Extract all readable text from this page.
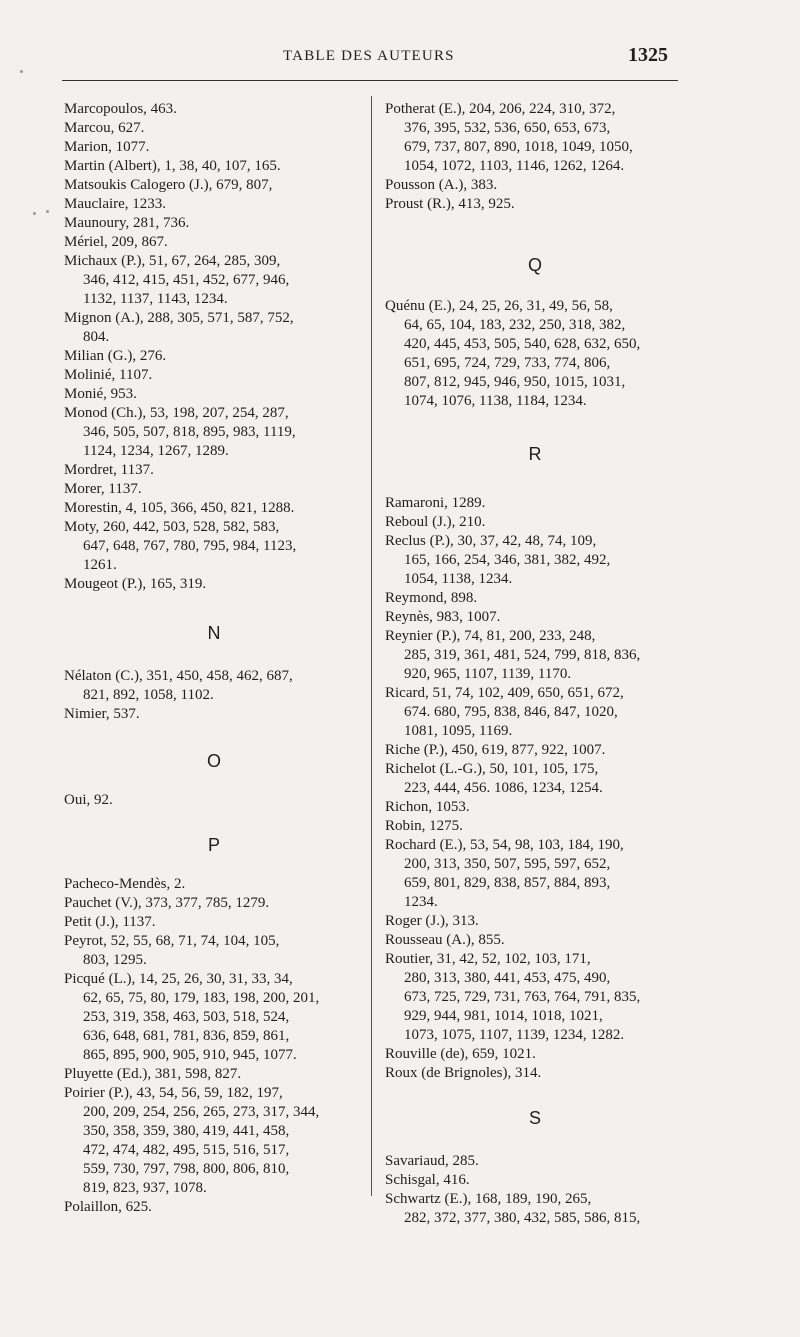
TABLE DES AUTEURS	1325

Marcopoulos, 463.

Marcou, 627.

Marion, 1077.

Martin (Albert), 1, 38, 40, 107, 165.

Matsoukis Calogero (J.), 679, 807,

Mauclaire, 1233.

Maunoury, 281, 736.

Mériel, 209, 867.

Michaux (P.), 51, 67, 264, 285, 309,
346, 412, 415, 451, 452, 677, 946,
1132, 1137, 1143, 1234.

Mignon (A.), 288, 305, 571, 587, 752,
804.

Milian (G.), 276.

Molinié, 1107.

Monié, 953.

Monod (Ch.), 53, 198, 207, 254, 287,
346, 505, 507, 818, 895, 983, 1119,
1124, 1234, 1267, 1289.

Mordret, 1137.

Morer, 1137.

Morestin, 4, 105, 366, 450, 821, 1288.

Moty, 260, 442, 503, 528, 582, 583,
647, 648, 767, 780, 795, 984, 1123,
1261.

Mougeot (P.), 165, 319.

N

Nélaton (C.), 351, 450, 458, 462, 687,
821, 892, 1058, 1102.

Nimier, 537.

O

Oui, 92.

P

Pacheco-Mendès, 2.

Pauchet (V.), 373, 377, 785, 1279.

Petit (J.), 1137.

Peyrot, 52, 55, 68, 71, 74, 104, 105,
803, 1295.

Picqué (L.), 14, 25, 26, 30, 31, 33, 34,
62, 65, 75, 80, 179, 183, 198, 200, 201,
253, 319, 358, 463, 503, 518, 524,
636, 648, 681, 781, 836, 859, 861,
865, 895, 900, 905, 910, 945, 1077.

Pluyette (Ed.), 381, 598, 827.

Poirier (P.), 43, 54, 56, 59, 182, 197,
200, 209, 254, 256, 265, 273, 317, 344,
350, 358, 359, 380, 419, 441, 458,
472, 474, 482, 495, 515, 516, 517,
559, 730, 797, 798, 800, 806, 810,
819, 823, 937, 1078.

Polaillon, 625.

Potherat (E.), 204, 206, 224, 310, 372,
376, 395, 532, 536, 650, 653, 673,
679, 737, 807, 890, 1018, 1049, 1050,
1054, 1072, 1103, 1146, 1262, 1264.

Pousson (A.), 383.

Proust (R.), 413, 925.

Q

Quénu (E.), 24, 25, 26, 31, 49, 56, 58,
64, 65, 104, 183, 232, 250, 318, 382,
420, 445, 453, 505, 540, 628, 632, 650,
651, 695, 724, 729, 733, 774, 806,
807, 812, 945, 946, 950, 1015, 1031,
1074, 1076, 1138, 1184, 1234.

R

Ramaroni, 1289.

Reboul (J.), 210.

Reclus (P.), 30, 37, 42, 48, 74, 109,
165, 166, 254, 346, 381, 382, 492,
1054, 1138, 1234.

Reymond, 898.

Reynès, 983, 1007.

Reynier (P.), 74, 81, 200, 233, 248,
285, 319, 361, 481, 524, 799, 818, 836,
920, 965, 1107, 1139, 1170.

Ricard, 51, 74, 102, 409, 650, 651, 672,
674. 680, 795, 838, 846, 847, 1020,
1081, 1095, 1169.

Riche (P.), 450, 619, 877, 922, 1007.

Richelot (L.-G.), 50, 101, 105, 175,
223, 444, 456. 1086, 1234, 1254.

Richon, 1053.

Robin, 1275.

Rochard (E.), 53, 54, 98, 103, 184, 190,
200, 313, 350, 507, 595, 597, 652,
659, 801, 829, 838, 857, 884, 893,
1234.

Roger (J.), 313.

Rousseau (A.), 855.

Routier, 31, 42, 52, 102, 103, 171,
280, 313, 380, 441, 453, 475, 490,
673, 725, 729, 731, 763, 764, 791, 835,
929, 944, 981, 1014, 1018, 1021,
1073, 1075, 1107, 1139, 1234, 1282.

Rouville (de), 659, 1021.

Roux (de Brignoles), 314.

S

Savariaud, 285.

Schisgal, 416.

Schwartz (E.), 168, 189, 190, 265,
282, 372, 377, 380, 432, 585, 586, 815,
